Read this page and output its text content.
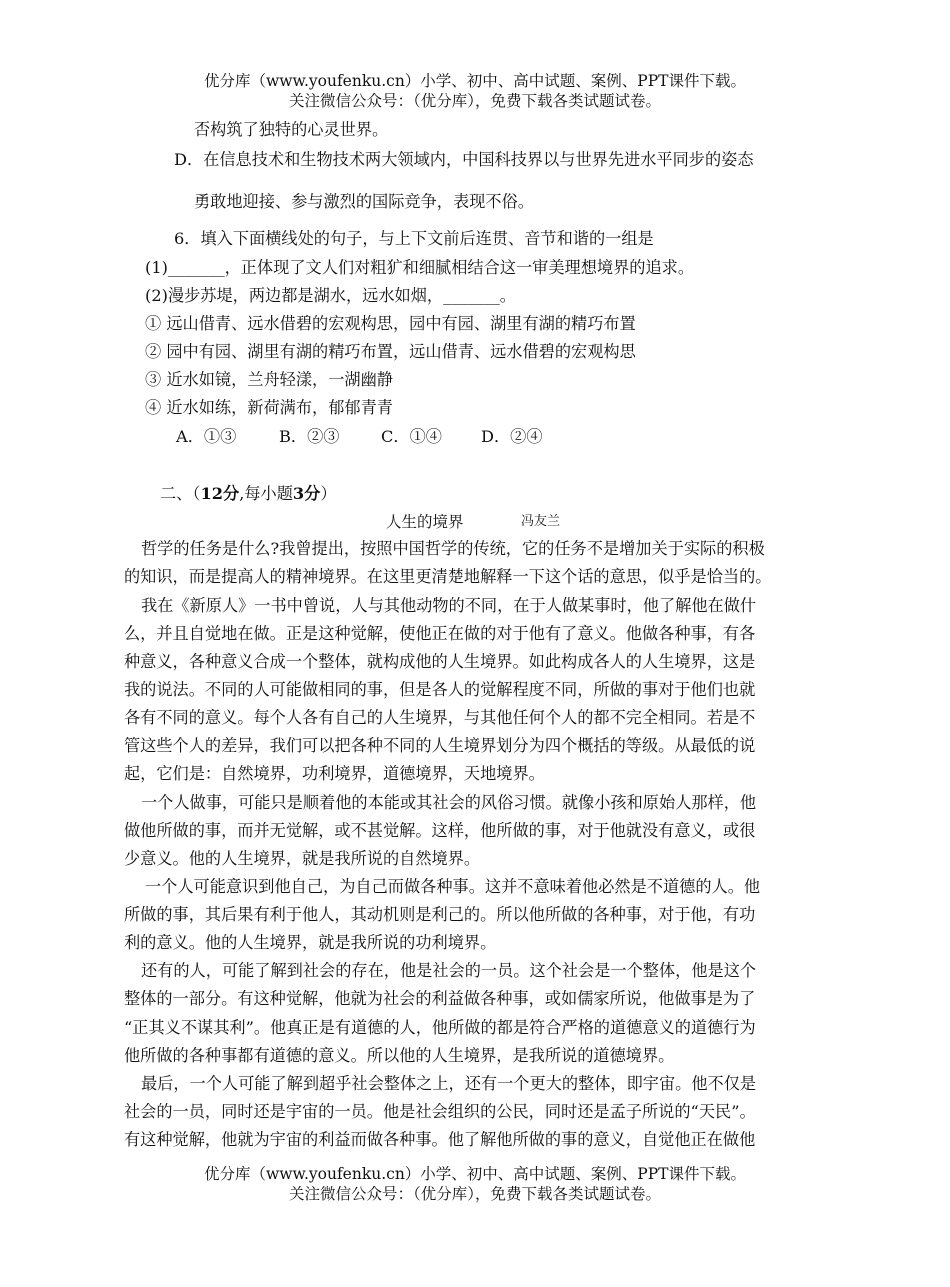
优分库（www.youfenku.cn）小学、初中、高中试题、案例、PPT课件下载。
关注微信公众号：（优分库），免费下载各类试题试卷。
否构筑了独特的心灵世界。
D．在信息技术和生物技术两大领域内，中国科技界以与世界先进水平同步的姿态
勇敢地迎接、参与激烈的国际竞争，表现不俗。
6．填入下面横线处的句子，与上下文前后连贯、音节和谐的一组是
(1)_______，正体现了文人们对粗犷和细腻相结合这一审美理想境界的追求。
(2)漫步苏堤，两边都是湖水，远水如烟，_______。
① 远山借青、远水借碧的宏观构思，园中有园、湖里有湖的精巧布置
② 园中有园、湖里有湖的精巧布置，远山借青、远水借碧的宏观构思
③ 近水如镜，兰舟轻漾，一湖幽静
④ 近水如练，新荷满布，郁郁青青
A．①③	B．②③	C．①④ D．②④
二、（12分,每小题3分）
人生的境界	冯友兰
哲学的任务是什么?我曾提出，按照中国哲学的传统，它的任务不是增加关于实际的积极
的知识，而是提高人的精神境界。在这里更清楚地解释一下这个话的意思，似乎是恰当的。
我在《新原人》一书中曾说，人与其他动物的不同，在于人做某事时，他了解他在做什
么，并且自觉地在做。正是这种觉解，使他正在做的对于他有了意义。他做各种事，有各
种意义，各种意义合成一个整体，就构成他的人生境界。如此构成各人的人生境界，这是
我的说法。不同的人可能做相同的事，但是各人的觉解程度不同，所做的事对于他们也就
各有不同的意义。每个人各有自己的人生境界，与其他任何个人的都不完全相同。若是不
管这些个人的差异，我们可以把各种不同的人生境界划分为四个概括的等级。从最低的说
起，它们是：自然境界，功利境界，道德境界，天地境界。
一个人做事，可能只是顺着他的本能或其社会的风俗习惯。就像小孩和原始人那样，他
做他所做的事，而并无觉解，或不甚觉解。这样，他所做的事，对于他就没有意义，或很
少意义。他的人生境界，就是我所说的自然境界。
一个人可能意识到他自己，为自己而做各种事。这并不意味着他必然是不道德的人。他
所做的事，其后果有利于他人，其动机则是利己的。所以他所做的各种事，对于他，有功
利的意义。他的人生境界，就是我所说的功利境界。
还有的人，可能了解到社会的存在，他是社会的一员。这个社会是一个整体，他是这个
整体的一部分。有这种觉解，他就为社会的利益做各种事，或如儒家所说，他做事是为了
“正其义不谋其利”。他真正是有道德的人，他所做的都是符合严格的道德意义的道德行为
他所做的各种事都有道德的意义。所以他的人生境界，是我所说的道德境界。
最后，一个人可能了解到超乎社会整体之上，还有一个更大的整体，即宇宙。他不仅是
社会的一员，同时还是宇宙的一员。他是社会组织的公民，同时还是孟子所说的“天民”。
有这种觉解，他就为宇宙的利益而做各种事。他了解他所做的事的意义，自觉他正在做他
优分库（www.youfenku.cn）小学、初中、高中试题、案例、PPT课件下载。
关注微信公众号：（优分库），免费下载各类试题试卷。
